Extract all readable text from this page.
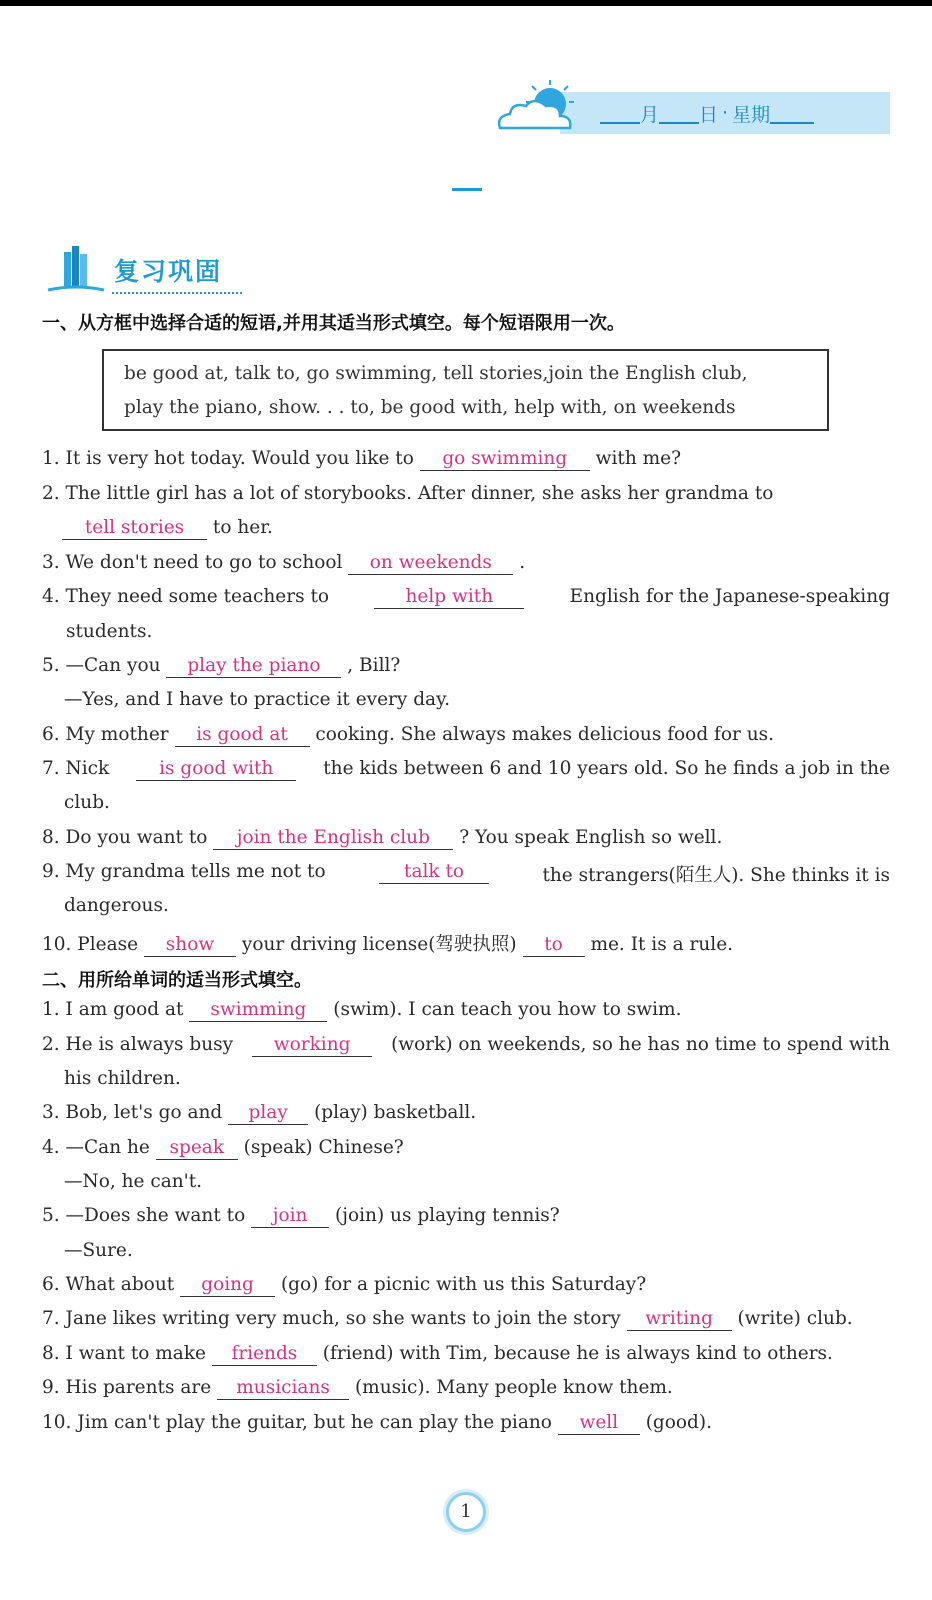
月 日 · 星期
复习巩固
一、从方框中选择合适的短语,并用其适当形式填空。每个短语限用一次。
be good at, talk to, go swimming, tell stories,join the English club,
play the piano, show. . . to, be good with, help with, on weekends
1. It is very hot today. Would you like to go swimming with me?
2. The little girl has a lot of storybooks. After dinner, she asks her grandma to
tell stories to her.
3. We don't need to go to school on weekends .
4. They need some teachers to	help with	English for the Japanese-speaking
students.
5. —Can you play the piano , Bill?
—Yes, and I have to practice it every day.
6. My mother is good at cooking. She always makes delicious food for us.
7. Nick	is good with	the kids between 6 and 10 years old. So he finds a job in the
club.
8. Do you want to join the English club ? You speak English so well.
9. My grandma tells me not to	talk to	the strangers(陌生人). She thinks it is
dangerous.
10. Please show your driving license(驾驶执照) to me. It is a rule.
二、用所给单词的适当形式填空。
1. I am good at swimming (swim). I can teach you how to swim.
2. He is always busy	working	(work) on weekends, so he has no time to spend with
his children.
3. Bob, let's go and play (play) basketball.
4. —Can he speak (speak) Chinese?
—No, he can't.
5. —Does she want to join (join) us playing tennis?
—Sure.
6. What about going (go) for a picnic with us this Saturday?
7. Jane likes writing very much, so she wants to join the story writing (write) club.
8. I want to make friends (friend) with Tim, because he is always kind to others.
9. His parents are musicians (music). Many people know them.
10. Jim can't play the guitar, but he can play the piano well (good).
1
